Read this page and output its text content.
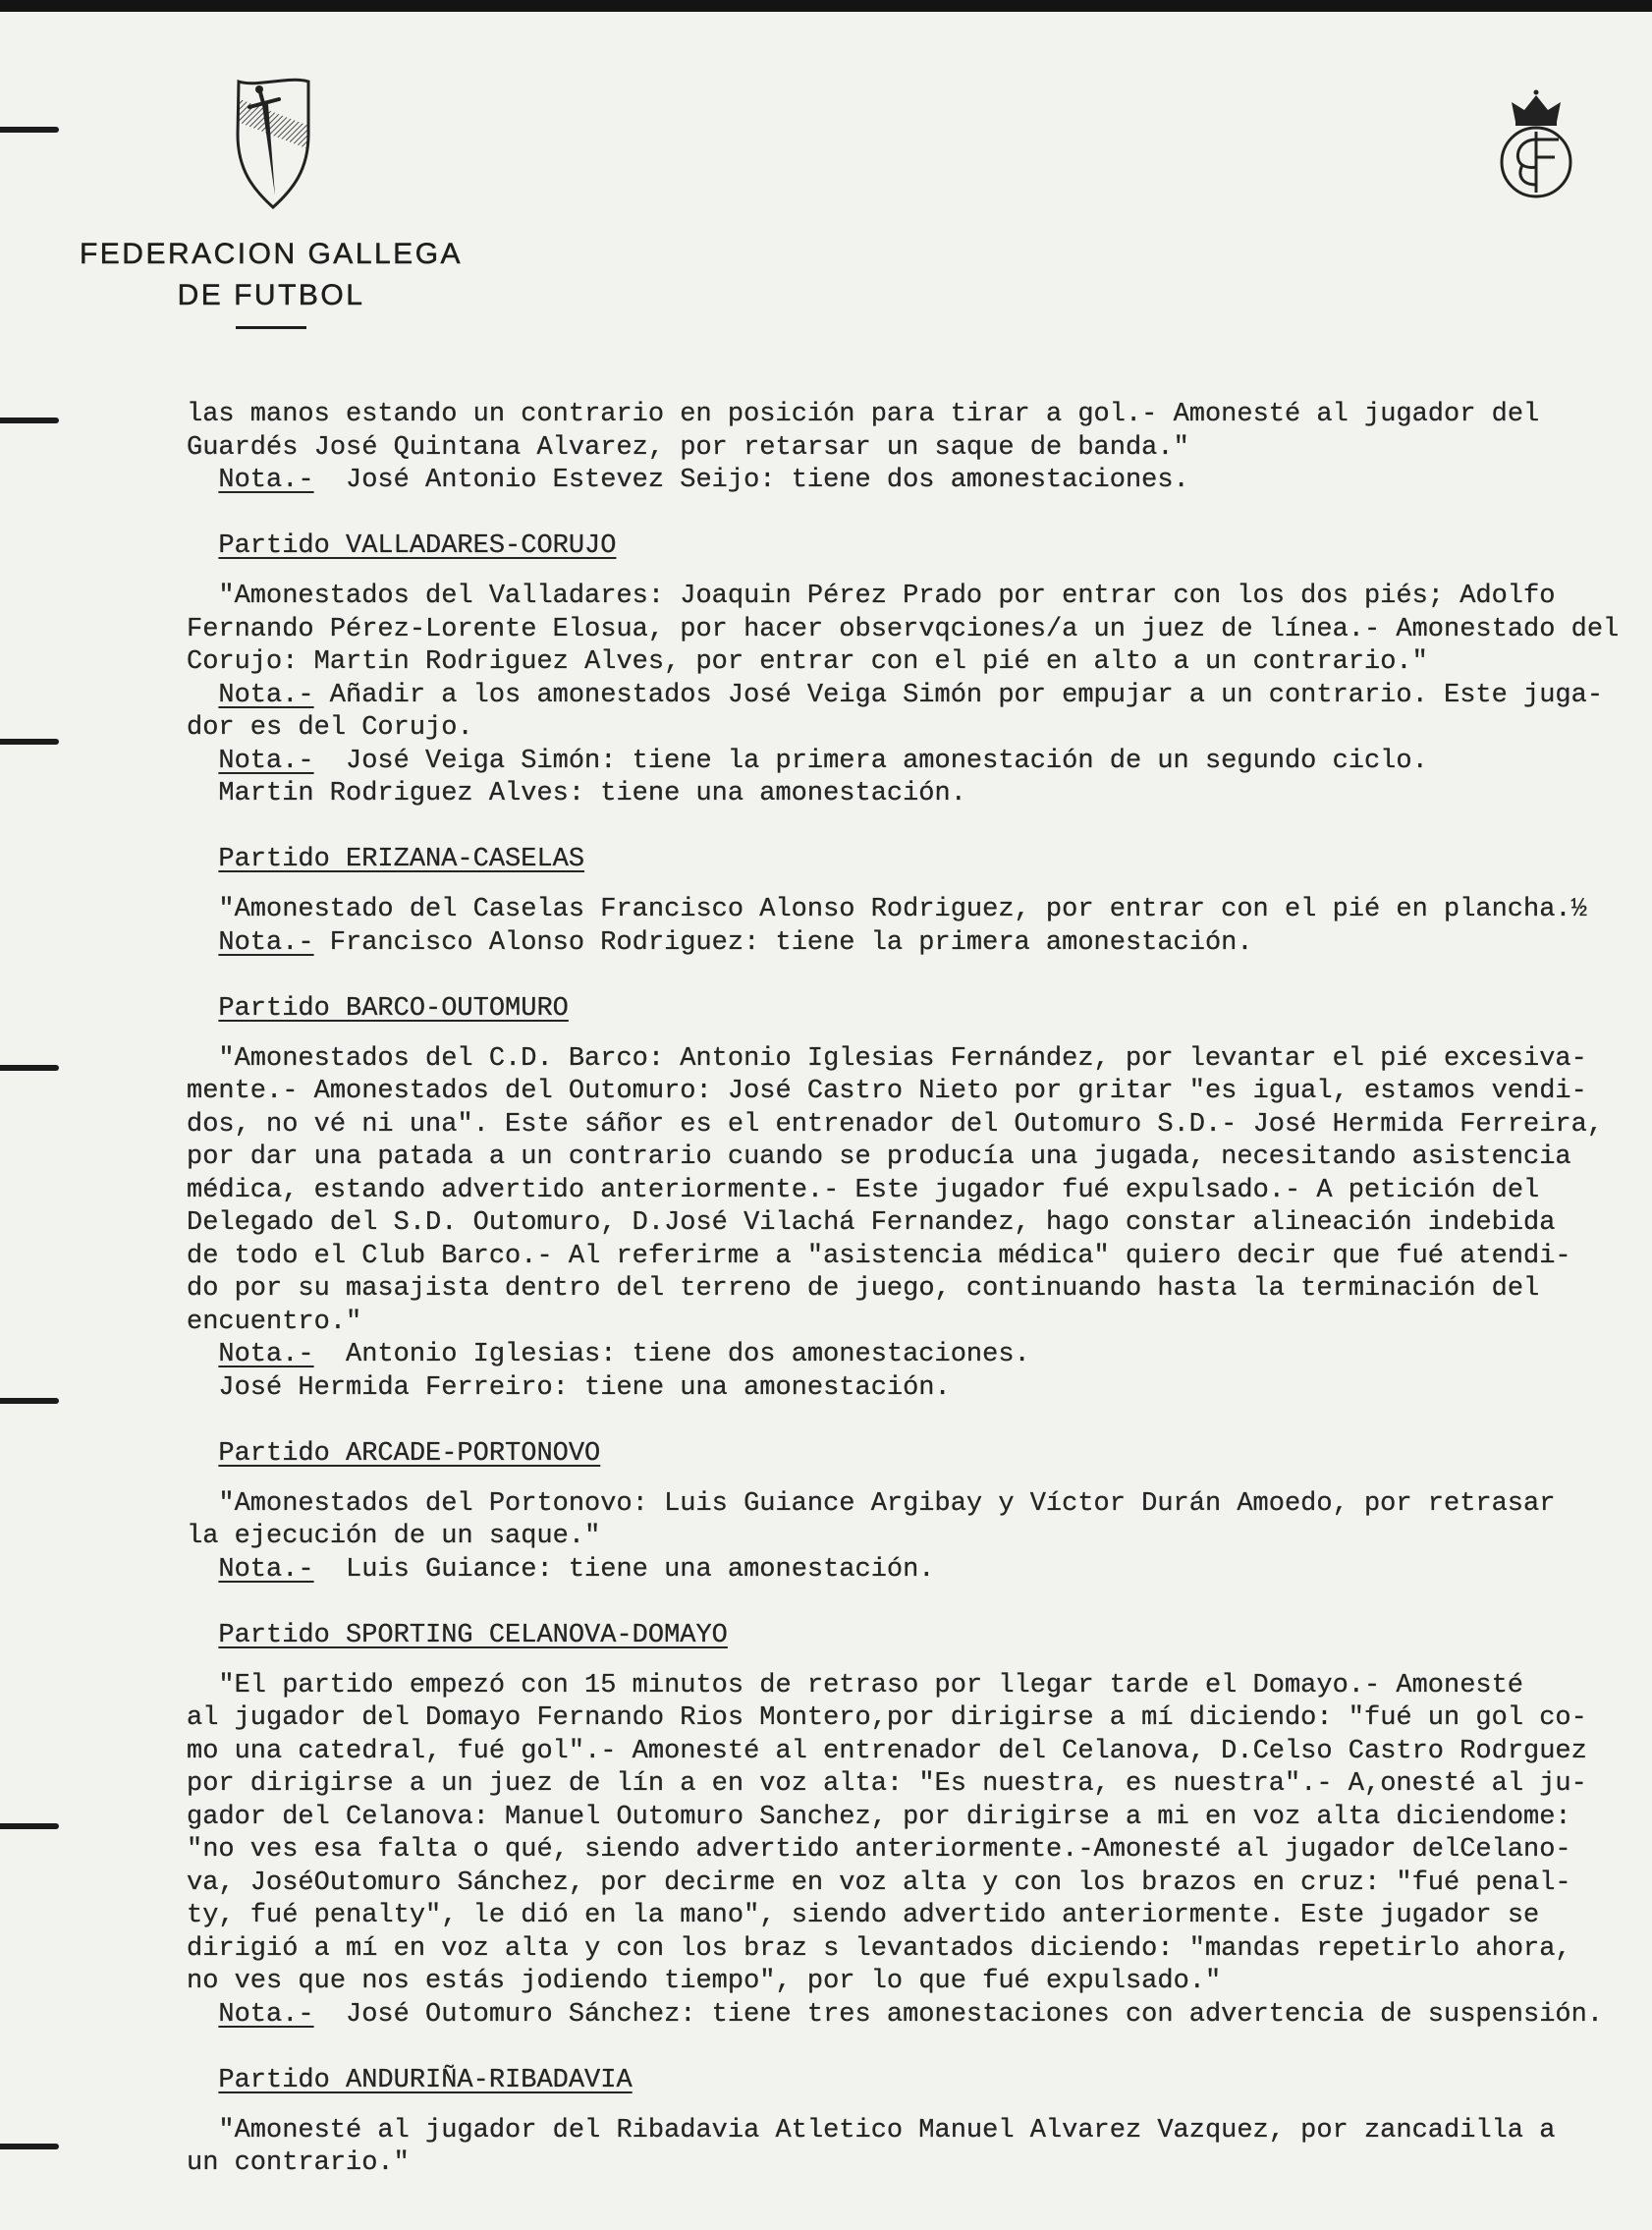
FEDERACION GALLEGA
DE FUTBOL
las manos estando un contrario en posición para tirar a gol.- Amonesté al jugador del
Guardés José Quintana Alvarez, por retarsar un saque de banda."
Nota.-  José Antonio Estevez Seijo: tiene dos amonestaciones.
Partido VALLADARES-CORUJO
"Amonestados del Valladares: Joaquin Pérez Prado por entrar con los dos piés; Adolfo
Fernando Pérez-Lorente Elosua, por hacer observqciones/a un juez de línea.- Amonestado del
Corujo: Martin Rodriguez Alves, por entrar con el pié en alto a un contrario."
Nota.- Añadir a los amonestados José Veiga Simón por empujar a un contrario. Este juga-
dor es del Corujo.
Nota.-  José Veiga Simón: tiene la primera amonestación de un segundo ciclo.
Martin Rodriguez Alves: tiene una amonestación.
Partido ERIZANA-CASELAS
"Amonestado del Caselas Francisco Alonso Rodriguez, por entrar con el pié en plancha.½
Nota.- Francisco Alonso Rodriguez: tiene la primera amonestación.
Partido BARCO-OUTOMURO
"Amonestados del C.D. Barco: Antonio Iglesias Fernández, por levantar el pié excesiva-
mente.- Amonestados del Outomuro: José Castro Nieto por gritar "es igual, estamos vendi-
dos, no vé ni una". Este sáñor es el entrenador del Outomuro S.D.- José Hermida Ferreira,
por dar una patada a un contrario cuando se producía una jugada, necesitando asistencia
médica, estando advertido anteriormente.- Este jugador fué expulsado.- A petición del
Delegado del S.D. Outomuro, D.José Vilachá Fernandez, hago constar alineación indebida
de todo el Club Barco.- Al referirme a "asistencia médica" quiero decir que fué atendi-
do por su masajista dentro del terreno de juego, continuando hasta la terminación del
encuentro."
Nota.-  Antonio Iglesias: tiene dos amonestaciones.
José Hermida Ferreiro: tiene una amonestación.
Partido ARCADE-PORTONOVO
"Amonestados del Portonovo: Luis Guiance Argibay y Víctor Durán Amoedo, por retrasar
la ejecución de un saque."
Nota.-  Luis Guiance: tiene una amonestación.
Partido SPORTING CELANOVA-DOMAYO
"El partido empezó con 15 minutos de retraso por llegar tarde el Domayo.- Amonesté
al jugador del Domayo Fernando Rios Montero,por dirigirse a mí diciendo: "fué un gol co-
mo una catedral, fué gol".- Amonesté al entrenador del Celanova, D.Celso Castro Rodrguez
por dirigirse a un juez de lín a en voz alta: "Es nuestra, es nuestra".- A,onesté al ju-
gador del Celanova: Manuel Outomuro Sanchez, por dirigirse a mi en voz alta diciendome:
"no ves esa falta o qué, siendo advertido anteriormente.-Amonesté al jugador delCelano-
va, JoséOutomuro Sánchez, por decirme en voz alta y con los brazos en cruz: "fué penal-
ty, fué penalty", le dió en la mano", siendo advertido anteriormente. Este jugador se
dirigió a mí en voz alta y con los braz s levantados diciendo: "mandas repetirlo ahora,
no ves que nos estás jodiendo tiempo", por lo que fué expulsado."
Nota.-  José Outomuro Sánchez: tiene tres amonestaciones con advertencia de suspensión.
Partido ANDURIÑA-RIBADAVIA
"Amonesté al jugador del Ribadavia Atletico Manuel Alvarez Vazquez, por zancadilla a
un contrario."
